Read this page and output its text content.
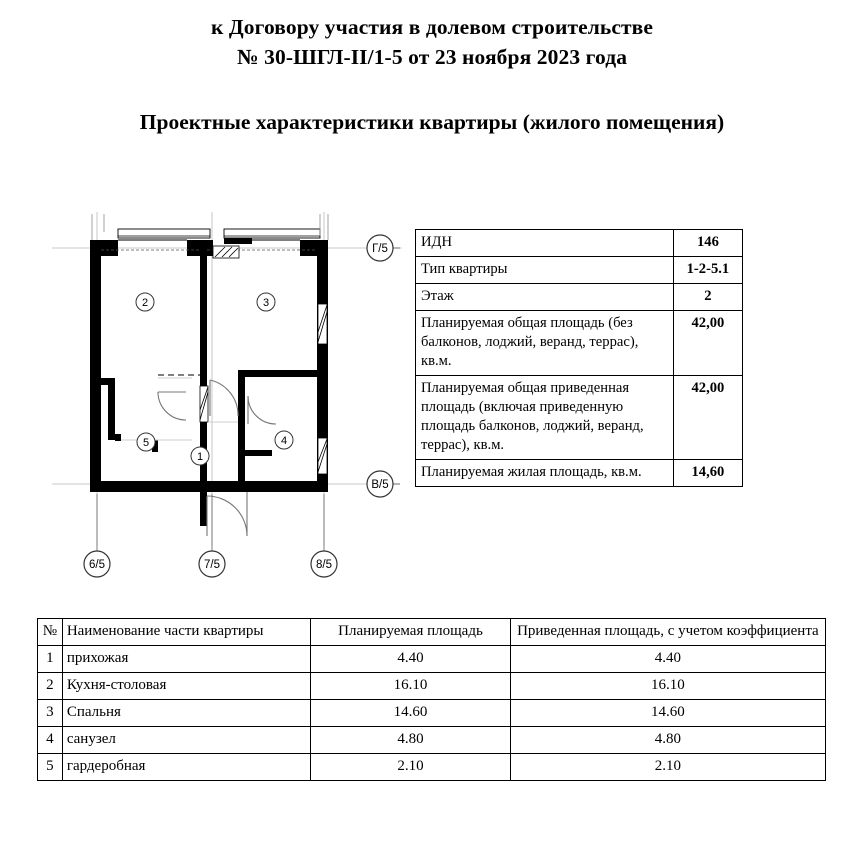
к Договору участия в долевом строительстве
№ 30-ШГЛ-II/1-5 от 23 ноября 2023 года
Проектные характеристики квартиры (жилого помещения)
2	3
5
1
4
Г/5
В/5
6/5	7/5	8/5
ИДН	146
Тип квартиры	1-2-5.1
Этаж	2
Планируемая общая площадь (без балконов, лоджий, веранд, террас), кв.м.	42,00
Планируемая общая приведенная площадь (включая приведенную площадь балконов, лоджий, веранд, террас), кв.м.	42,00
Планируемая жилая площадь, кв.м.	14,60
№	Наименование части квартиры	Планируемая площадь	Приведенная площадь, с учетом коэффициента
1	прихожая	4.40	4.40
2	Кухня-столовая	16.10	16.10
3	Спальня	14.60	14.60
4	санузел	4.80	4.80
5	гардеробная	2.10	2.10
